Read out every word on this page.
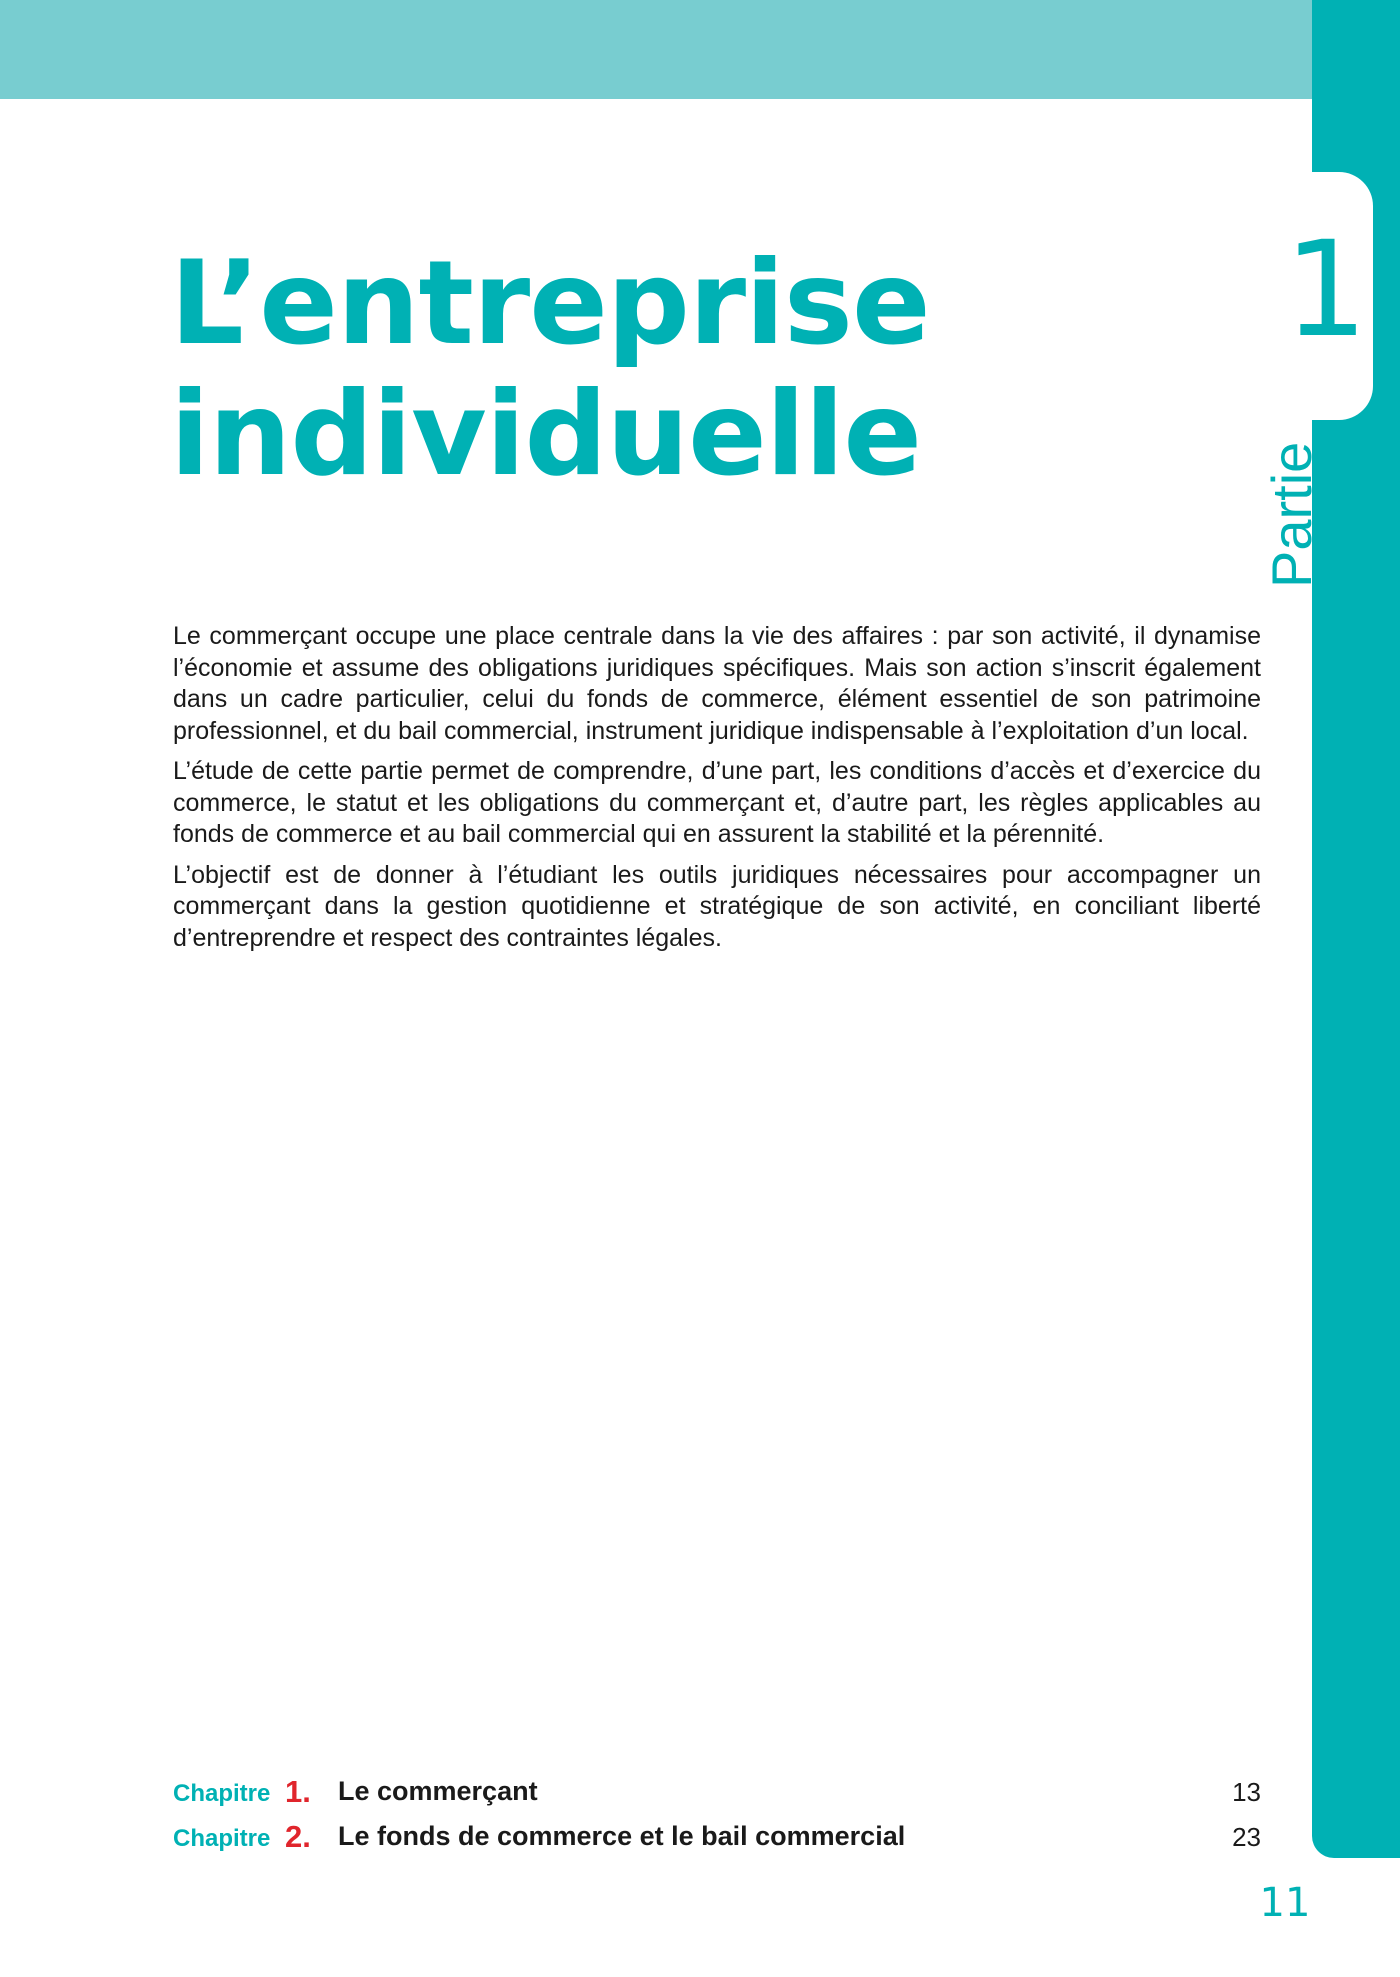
1
Partie
L’entreprise
individuelle

Le commerçant occupe une place centrale dans la vie des affaires : par son activité, il dynamise l’économie et assume des obligations juridiques spécifiques. Mais son action s’inscrit également dans un cadre particulier, celui du fonds de commerce, élément essentiel de son patrimoine professionnel, et du bail commercial, instrument juridique indispensable à l’exploitation d’un local.

L’étude de cette partie permet de comprendre, d’une part, les conditions d’accès et d’exercice du commerce, le statut et les obligations du commerçant et, d’autre part, les règles applicables au fonds de commerce et au bail commercial qui en assurent la stabilité et la pérennité.

L’objectif est de donner à l’étudiant les outils juridiques nécessaires pour accompagner un commerçant dans la gestion quotidienne et stratégique de son activité, en conciliant liberté d’entreprendre et respect des contraintes légales.

Chapitre 1. Le commerçant	13
Chapitre 2. Le fonds de commerce et le bail commercial	23
11
